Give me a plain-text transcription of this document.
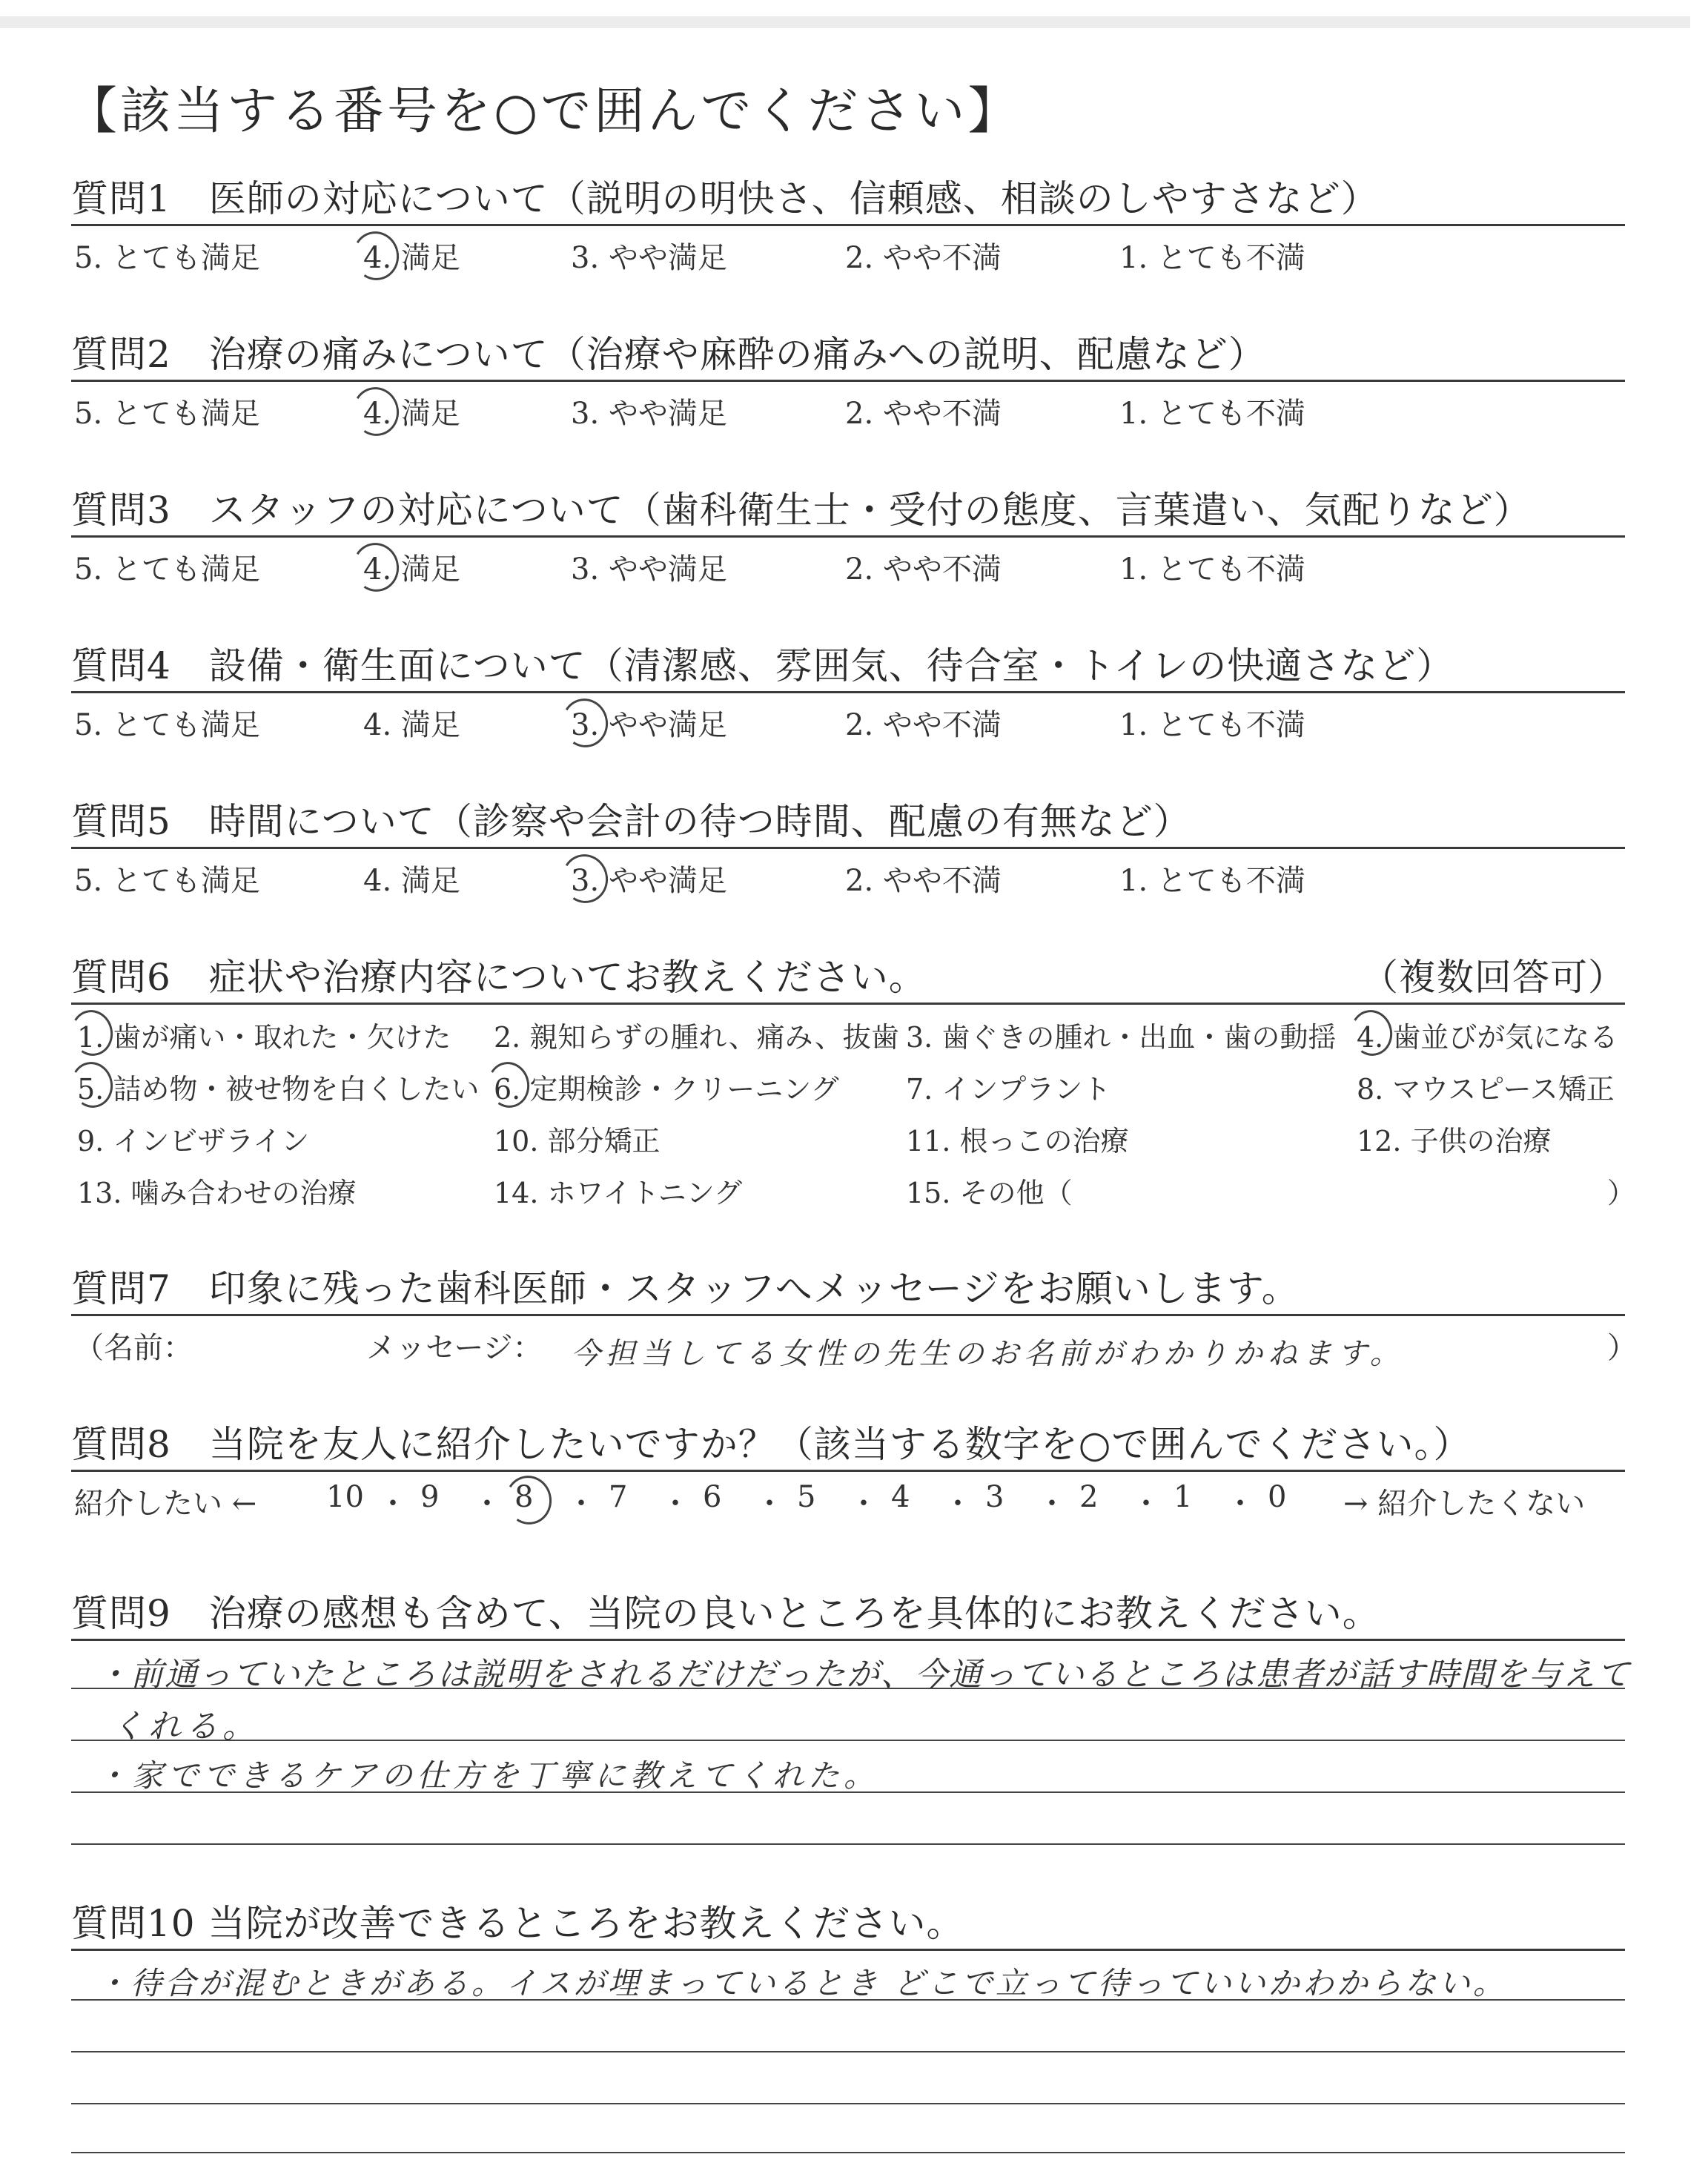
【該当する番号を○で囲んでください】
質問1　医師の対応について（説明の明快さ、信頼感、相談のしやすさなど）
5. とても満足	4. 満足	3. やや満足	2. やや不満	1. とても不満
質問2　治療の痛みについて（治療や麻酔の痛みへの説明、配慮など）
5. とても満足	4. 満足	3. やや満足	2. やや不満	1. とても不満
質問3　スタッフの対応について（歯科衛生士・受付の態度、言葉遣い、気配りなど）
5. とても満足	4. 満足	3. やや満足	2. やや不満	1. とても不満
質問4　設備・衛生面について（清潔感、雰囲気、待合室・トイレの快適さなど）
5. とても満足	4. 満足	3. やや満足	2. やや不満	1. とても不満
質問5　時間について（診察や会計の待つ時間、配慮の有無など）
5. とても満足	4. 満足	3. やや満足	2. やや不満	1. とても不満
質問6　症状や治療内容についてお教えください。	（複数回答可）
1. 歯が痛い・取れた・欠けた 2. 親知らずの腫れ、痛み、抜歯 3. 歯ぐきの腫れ・出血・歯の動揺 4. 歯並びが気になる
5. 詰め物・被せ物を白くしたい 6. 定期検診・クリーニング 7. インプラント	8. マウスピース矯正
9. インビザライン	10. 部分矯正	11. 根っこの治療	12. 子供の治療
13. 噛み合わせの治療	14. ホワイトニング	15. その他（	）
質問7　印象に残った歯科医師・スタッフへメッセージをお願いします。
（名前：	メッセージ： 今担当してる女性の先生のお名前がわかりかねます。	）
質問8　当院を友人に紹介したいですか？（該当する数字を○で囲んでください。）
紹介したい ← 10 ・ 9 ・ 8 ・ 7 ・ 6 ・ 5 ・ 4 ・ 3 ・ 2 ・ 1 ・ 0 → 紹介したくない
質問9　治療の感想も含めて、当院の良いところを具体的にお教えください。
・前通っていたところは説明をされるだけだったが、今通っているところは患者が話す時間を与えて
くれる。
・家でできるケアの仕方を丁寧に教えてくれた。
質問10 当院が改善できるところをお教えください。
・待合が混むときがある。イスが埋まっているとき どこで立って待っていいかわからない。
